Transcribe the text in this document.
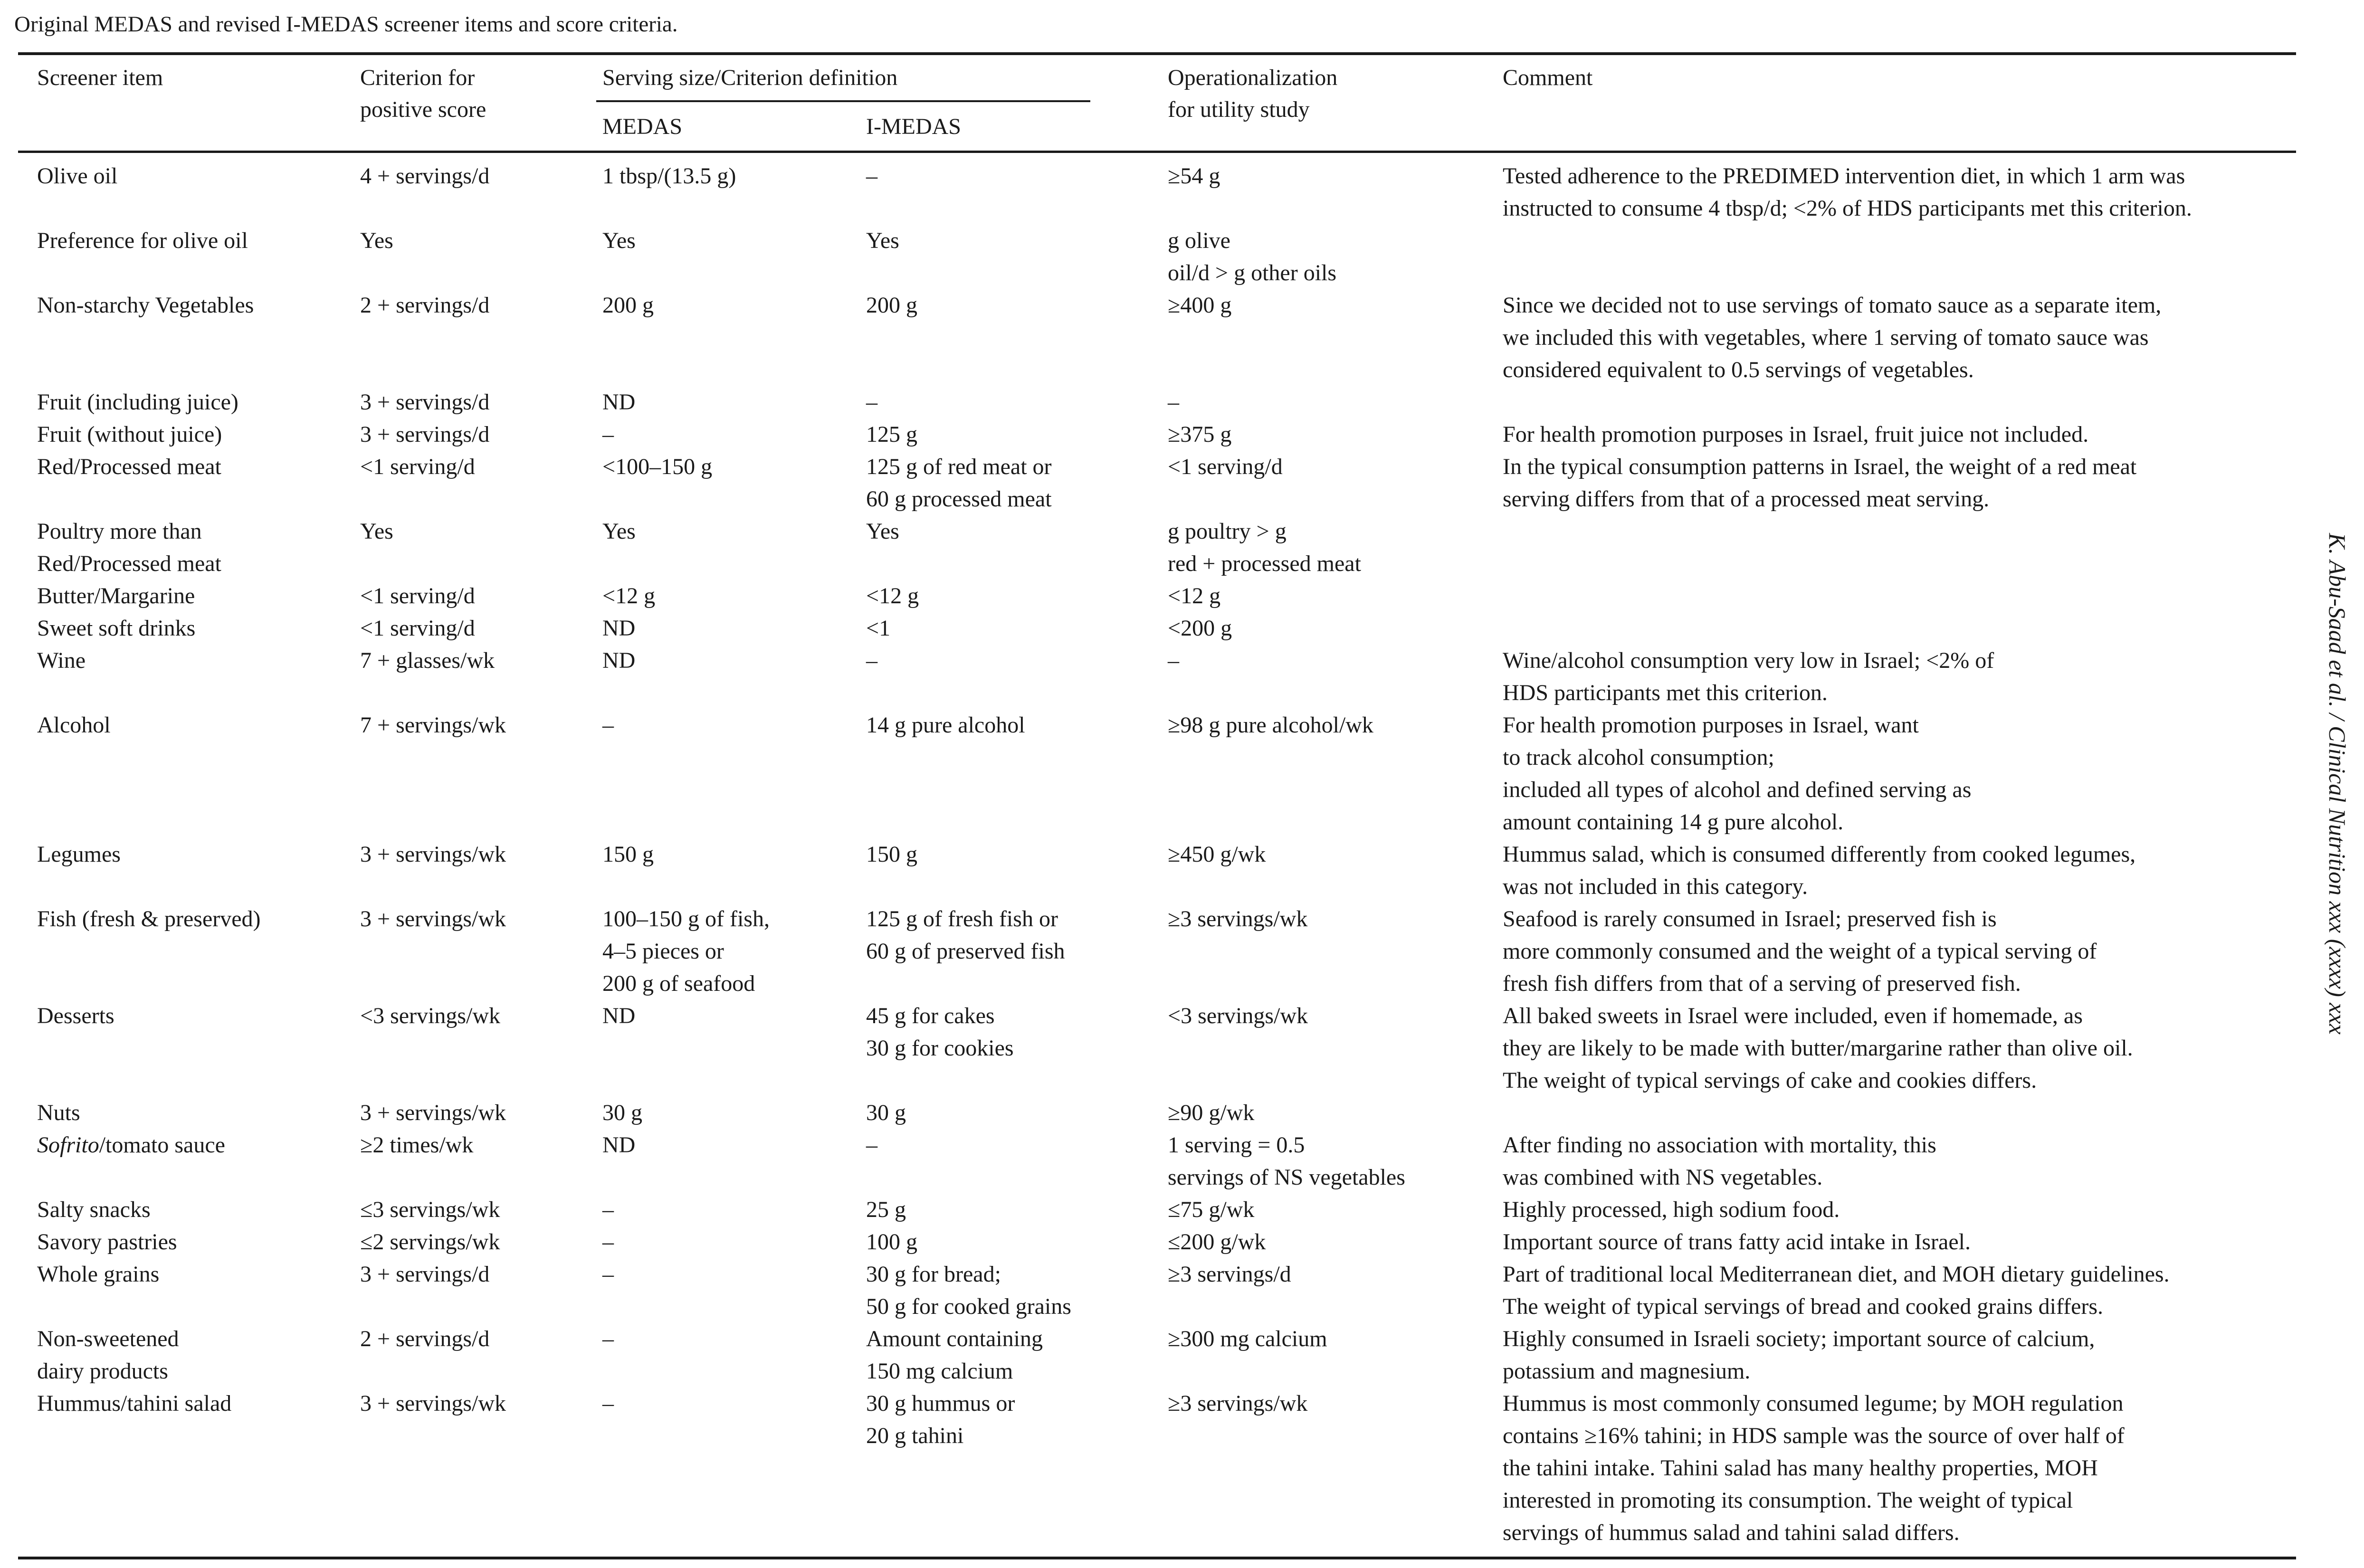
Original MEDAS and revised I-MEDAS screener items and score criteria.
Screener item	Criterion for
positive score
Serving size/Criterion definition
MEDAS	I-MEDAS
Operationalization
for utility study
Comment
Olive oil	4 + servings/d	1 tbsp/(13.5 g)	–	≥54 g	Tested adherence to the PREDIMED intervention diet, in which 1 arm was
instructed to consume 4 tbsp/d; <2% of HDS participants met this criterion.
Preference for olive oil	Yes	Yes	Yes	g olive
oil/d > g other oils	
Non-starchy Vegetables	2 + servings/d	200 g	200 g	≥400 g	Since we decided not to use servings of tomato sauce as a separate item,
we included this with vegetables, where 1 serving of tomato sauce was
considered equivalent to 0.5 servings of vegetables.
Fruit (including juice)	3 + servings/d	ND	–	–	
Fruit (without juice)	3 + servings/d	–	125 g	≥375 g	For health promotion purposes in Israel, fruit juice not included.
Red/Processed meat	<1 serving/d	<100–150 g	125 g of red meat or
60 g processed meat	<1 serving/d	In the typical consumption patterns in Israel, the weight of a red meat
serving differs from that of a processed meat serving.
Poultry more than
Red/Processed meat	Yes	Yes	Yes	g poultry > g
red + processed meat	
Butter/Margarine	<1 serving/d	<12 g	<12 g	<12 g	
Sweet soft drinks	<1 serving/d	ND	<1	<200 g	
Wine	7 + glasses/wk	ND	–	–	Wine/alcohol consumption very low in Israel; <2% of
HDS participants met this criterion.
Alcohol	7 + servings/wk	–	14 g pure alcohol	≥98 g pure alcohol/wk	For health promotion purposes in Israel, want
to track alcohol consumption;
included all types of alcohol and defined serving as
amount containing 14 g pure alcohol.
Legumes	3 + servings/wk	150 g	150 g	≥450 g/wk	Hummus salad, which is consumed differently from cooked legumes,
was not included in this category.
Fish (fresh & preserved)	3 + servings/wk	100–150 g of fish,
4–5 pieces or
200 g of seafood	125 g of fresh fish or
60 g of preserved fish	≥3 servings/wk	Seafood is rarely consumed in Israel; preserved fish is
more commonly consumed and the weight of a typical serving of
fresh fish differs from that of a serving of preserved fish.
Desserts	<3 servings/wk	ND	45 g for cakes
30 g for cookies	<3 servings/wk	All baked sweets in Israel were included, even if homemade, as
they are likely to be made with butter/margarine rather than olive oil.
The weight of typical servings of cake and cookies differs.
Nuts	3 + servings/wk	30 g	30 g	≥90 g/wk	
Sofrito/tomato sauce	≥2 times/wk	ND	–	1 serving = 0.5
servings of NS vegetables	After finding no association with mortality, this
was combined with NS vegetables.
Salty snacks	≤3 servings/wk	–	25 g	≤75 g/wk	Highly processed, high sodium food.
Savory pastries	≤2 servings/wk	–	100 g	≤200 g/wk	Important source of trans fatty acid intake in Israel.
Whole grains	3 + servings/d	–	30 g for bread;
50 g for cooked grains	≥3 servings/d	Part of traditional local Mediterranean diet, and MOH dietary guidelines.
The weight of typical servings of bread and cooked grains differs.
Non-sweetened
dairy products	2 + servings/d	–	Amount containing
150 mg calcium	≥300 mg calcium	Highly consumed in Israeli society; important source of calcium,
potassium and magnesium.
Hummus/tahini salad	3 + servings/wk	–	30 g hummus or
20 g tahini	≥3 servings/wk	Hummus is most commonly consumed legume; by MOH regulation
contains ≥16% tahini; in HDS sample was the source of over half of
the tahini intake. Tahini salad has many healthy properties, MOH
interested in promoting its consumption. The weight of typical
servings of hummus salad and tahini salad differs.
K. Abu-Saad et al. / Clinical Nutrition xxx (xxxx) xxx
